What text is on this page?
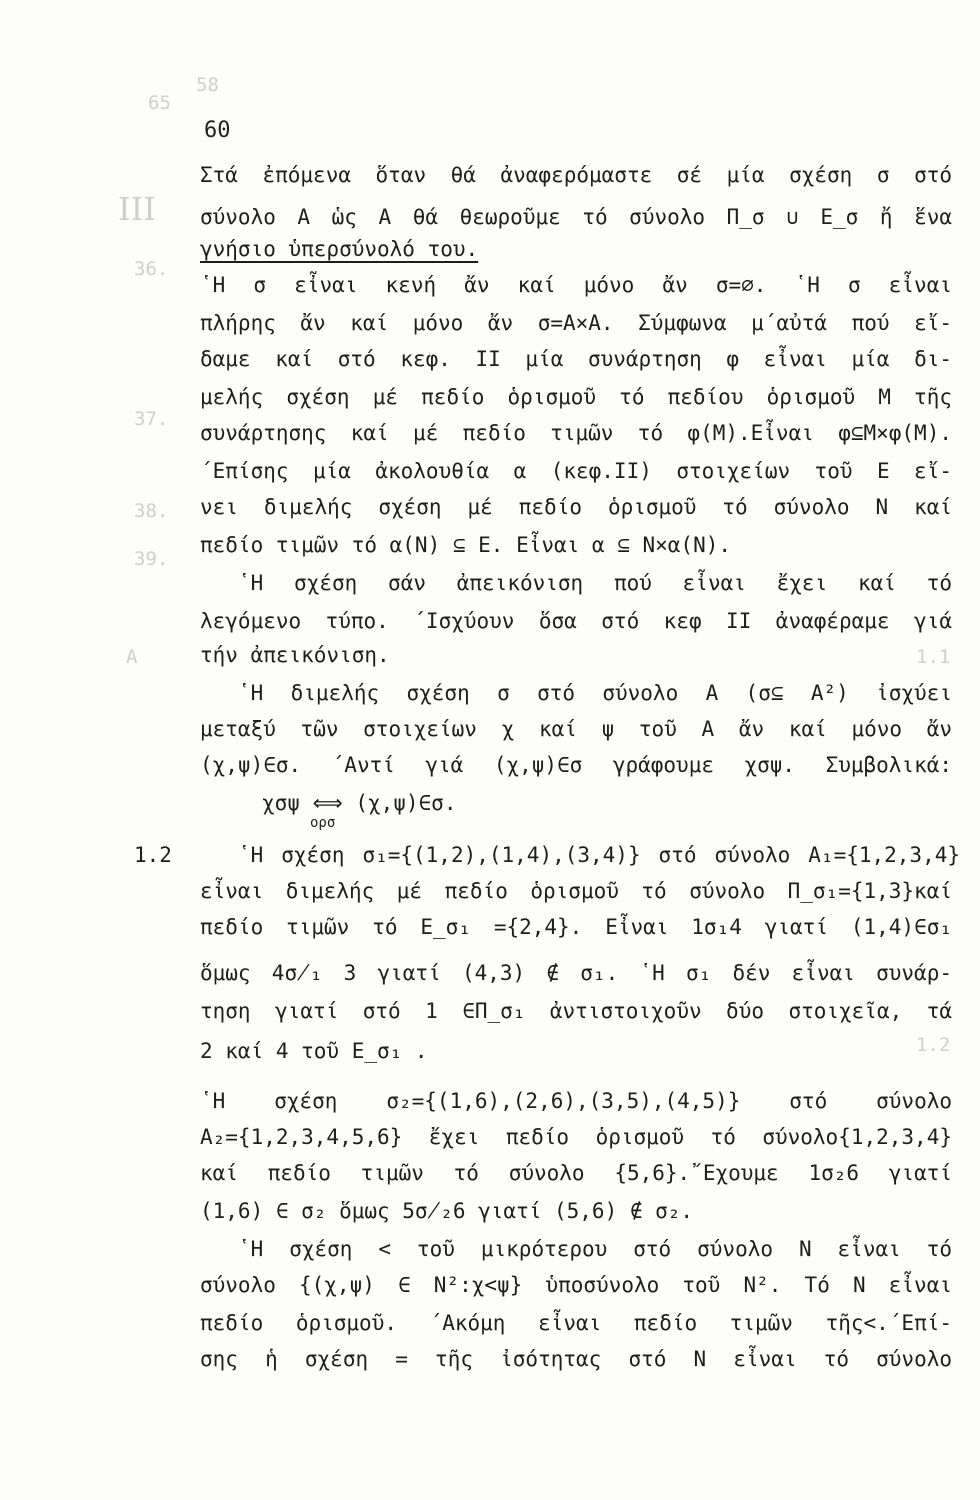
65
58
III
36.
37.
38.
39.
A	1.1
1.2
60
Στά ἐπόμενα ὅταν θά ἀναφερόμαστε σέ μία σχέση σ στό
σύνολο Α ὡς Α θά θεωροῦμε τό σύνολο Π_σ ∪ Ε_σ ἤ ἕνα
γνήσιο ὑπερσύνολό του.
῾Η σ εἶναι κενή ἄν καί μόνο ἄν σ=∅. ῾Η σ εἶναι
πλήρης ἄν καί μόνο ἄν σ=Α×Α. Σύμφωνα μ΄αὐτά πού εἴ-
δαμε καί στό κεφ. ΙΙ μία συνάρτηση φ εἶναι μία δι-
μελής σχέση μέ πεδίο ὁρισμοῦ τό πεδίου ὁρισμοῦ Μ τῆς
συνάρτησης καί μέ πεδίο τιμῶν τό φ(Μ).Εἶναι φ⊆Μ×φ(Μ).
΄Επίσης μία ἀκολουθία α (κεφ.ΙΙ) στοιχείων τοῦ Ε εἴ-
νει διμελής σχέση μέ πεδίο ὁρισμοῦ τό σύνολο Ν καί
πεδίο τιμῶν τό α(Ν) ⊆ Ε. Εἶναι α ⊆ Ν×α(Ν).
῾Η σχέση σάν ἀπεικόνιση πού εἶναι ἔχει καί τό
λεγόμενο τύπο. ΄Ισχύουν ὅσα στό κεφ ΙΙ ἀναφέραμε γιά
τήν ἀπεικόνιση.
῾Η διμελής σχέση σ στό σύνολο Α (σ⊆ Α²) ἰσχύει
μεταξύ τῶν στοιχείων χ καί ψ τοῦ Α ἄν καί μόνο ἄν
(χ,ψ)∈σ. ΄Αντί γιά (χ,ψ)∈σ γράφουμε χσψ. Συμβολικά:
χσψ ⟺ (χ,ψ)∈σ.
ορσ
1.2	῾Η σχέση σ₁={(1,2),(1,4),(3,4)} στό σύνολο Α₁={1,2,3,4}
εἶναι διμελής μέ πεδίο ὁρισμοῦ τό σύνολο Π_σ₁={1,3}καί
πεδίο τιμῶν τό Ε_σ₁ ={2,4}. Εἶναι 1σ₁4 γιατί (1,4)∈σ₁
ὅμως 4σ̸₁ 3 γιατί (4,3) ∉ σ₁. ῾Η σ₁ δέν εἶναι συνάρ-
τηση γιατί στό 1 ∈Π_σ₁ ἀντιστοιχοῦν δύο στοιχεῖα, τά
2 καί 4 τοῦ Ε_σ₁ .
῾Η σχέση σ₂={(1,6),(2,6),(3,5),(4,5)} στό σύνολο
Α₂={1,2,3,4,5,6} ἔχει πεδίο ὁρισμοῦ τό σύνολο{1,2,3,4}
καί πεδίο τιμῶν τό σύνολο {5,6}.῎Εχουμε 1σ₂6 γιατί
(1,6) ∈ σ₂ ὅμως 5σ̸₂6 γιατί (5,6) ∉ σ₂.
῾Η σχέση < τοῦ μικρότερου στό σύνολο Ν εἶναι τό
σύνολο {(χ,ψ) ∈ Ν²:χ<ψ} ὑποσύνολο τοῦ Ν². Τό Ν εἶναι
πεδίο ὁρισμοῦ. ΄Ακόμη εἶναι πεδίο τιμῶν τῆς<.΄Επί-
σης ἡ σχέση = τῆς ἰσότητας στό Ν εἶναι τό σύνολο
